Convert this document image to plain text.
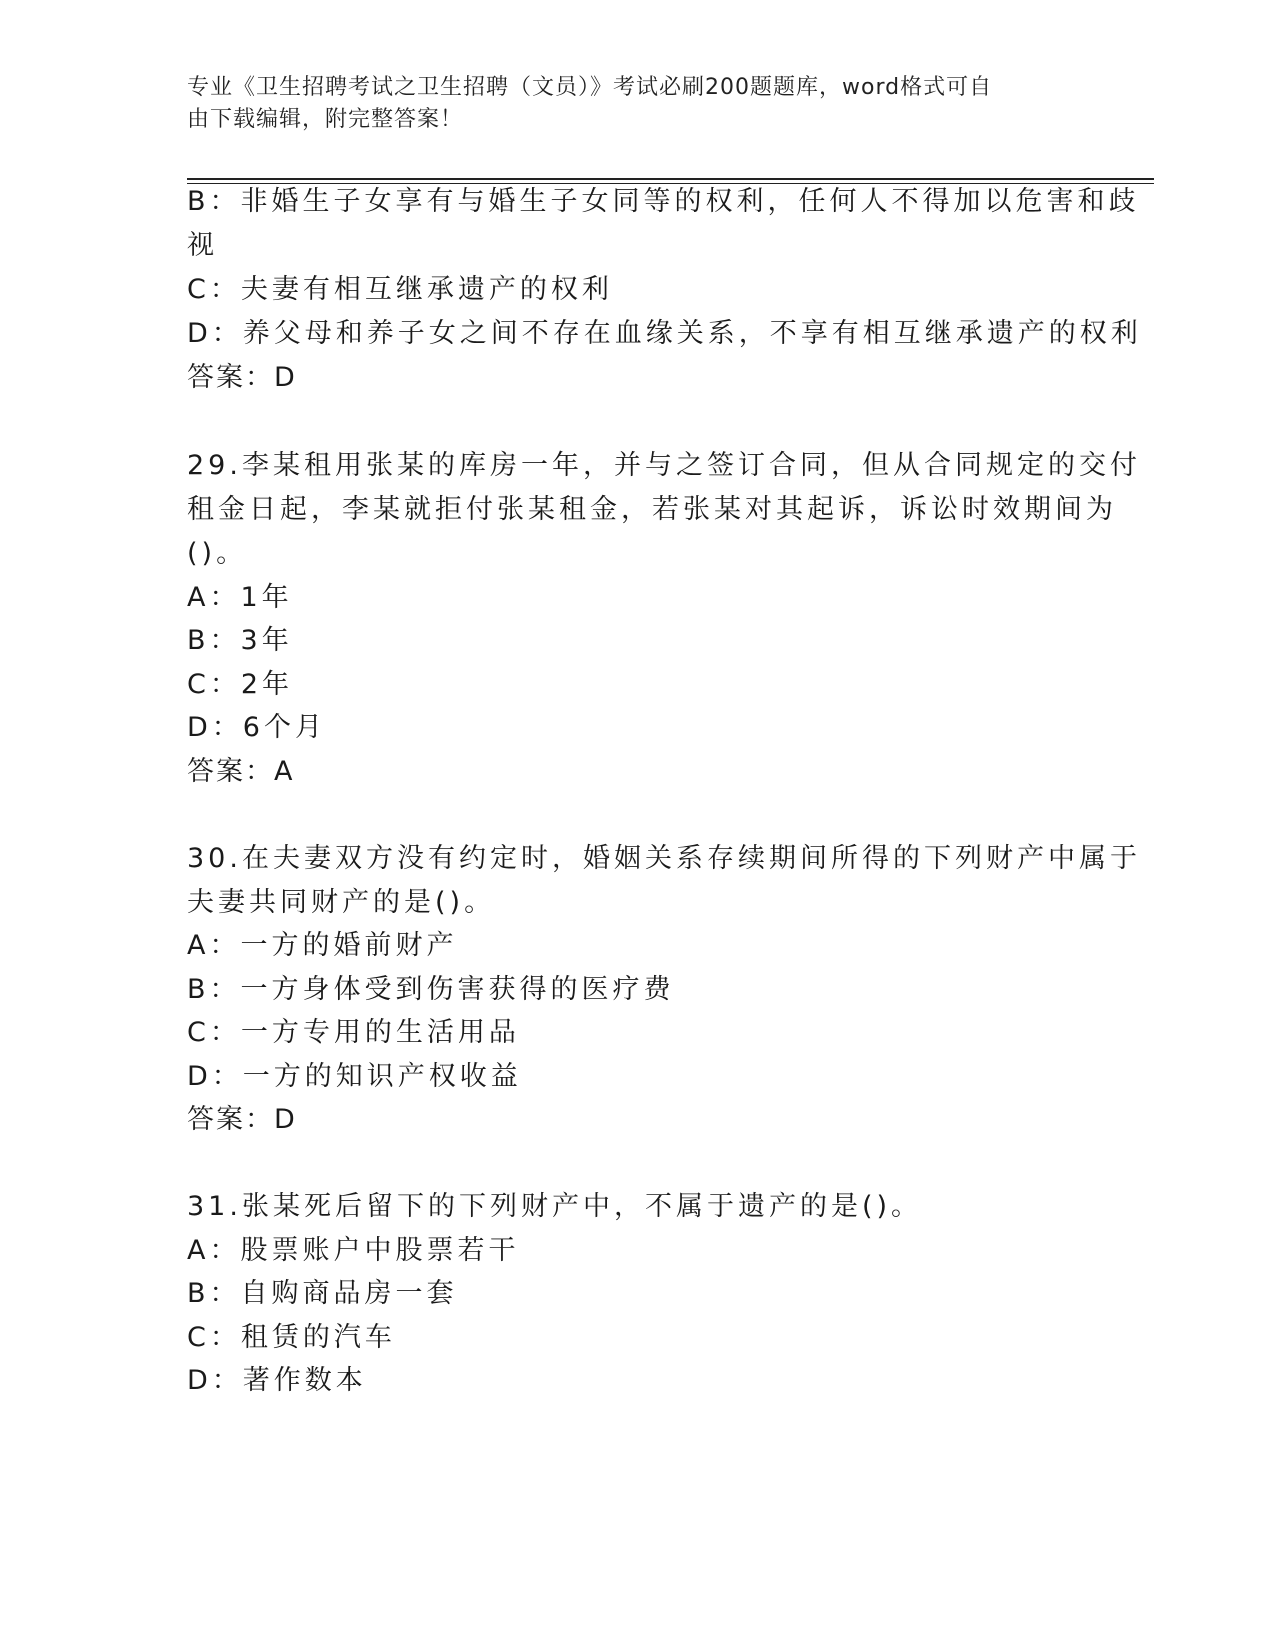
专业《卫生招聘考试之卫生招聘（文员）》考试必刷200题题库，word格式可自
由下载编辑，附完整答案！
B：非婚生子女享有与婚生子女同等的权利，任何人不得加以危害和歧
视
C：夫妻有相互继承遗产的权利
D：养父母和养子女之间不存在血缘关系，不享有相互继承遗产的权利
答案：D
29.李某租用张某的库房一年，并与之签订合同，但从合同规定的交付
租金日起，李某就拒付张某租金，若张某对其起诉，诉讼时效期间为
()。
A：1年
B：3年
C：2年
D：6个月
答案：A
30.在夫妻双方没有约定时，婚姻关系存续期间所得的下列财产中属于
夫妻共同财产的是()。
A：一方的婚前财产
B：一方身体受到伤害获得的医疗费
C：一方专用的生活用品
D：一方的知识产权收益
答案：D
31.张某死后留下的下列财产中，不属于遗产的是()。
A：股票账户中股票若干
B：自购商品房一套
C：租赁的汽车
D：著作数本
